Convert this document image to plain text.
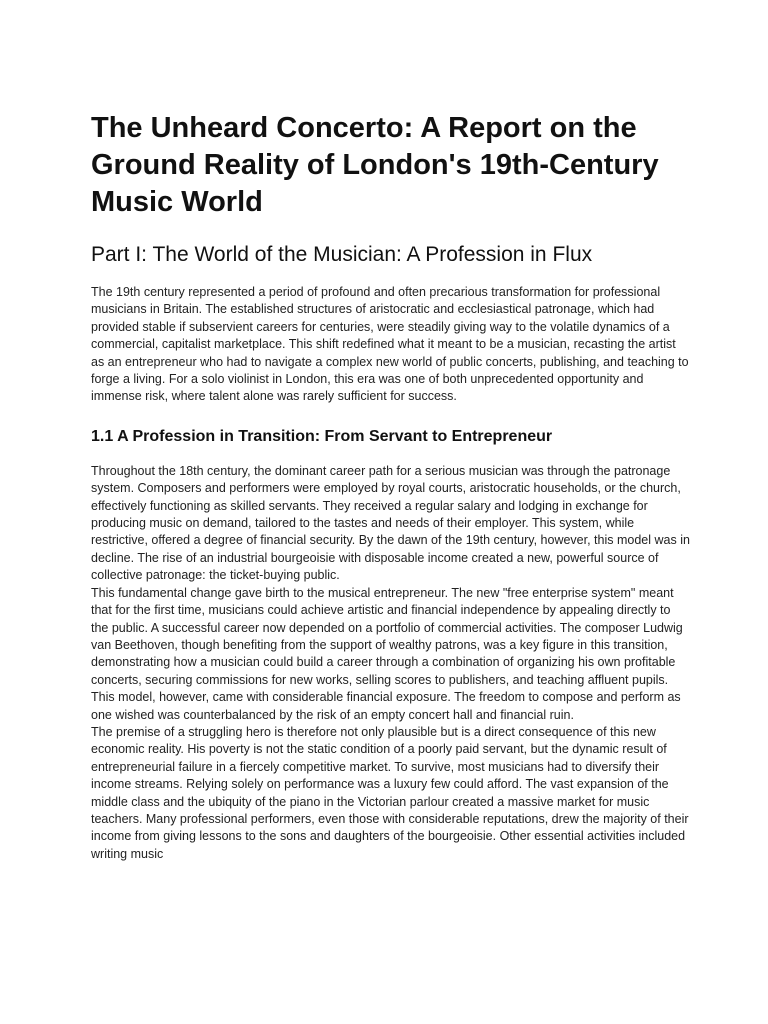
The Unheard Concerto: A Report on the Ground Reality of London's 19th-Century Music World
Part I: The World of the Musician: A Profession in Flux

The 19th century represented a period of profound and often precarious transformation for professional musicians in Britain. The established structures of aristocratic and ecclesiastical patronage, which had provided stable if subservient careers for centuries, were steadily giving way to the volatile dynamics of a commercial, capitalist marketplace. This shift redefined what it meant to be a musician, recasting the artist as an entrepreneur who had to navigate a complex new world of public concerts, publishing, and teaching to forge a living. For a solo violinist in London, this era was one of both unprecedented opportunity and immense risk, where talent alone was rarely sufficient for success.

1.1 A Profession in Transition: From Servant to Entrepreneur

Throughout the 18th century, the dominant career path for a serious musician was through the patronage system. Composers and performers were employed by royal courts, aristocratic households, or the church, effectively functioning as skilled servants. They received a regular salary and lodging in exchange for producing music on demand, tailored to the tastes and needs of their employer. This system, while restrictive, offered a degree of financial security. By the dawn of the 19th century, however, this model was in decline. The rise of an industrial bourgeoisie with disposable income created a new, powerful source of collective patronage: the ticket-buying public.

This fundamental change gave birth to the musical entrepreneur. The new "free enterprise system" meant that for the first time, musicians could achieve artistic and financial independence by appealing directly to the public. A successful career now depended on a portfolio of commercial activities. The composer Ludwig van Beethoven, though benefiting from the support of wealthy patrons, was a key figure in this transition, demonstrating how a musician could build a career through a combination of organizing his own profitable concerts, securing commissions for new works, selling scores to publishers, and teaching affluent pupils. This model, however, came with considerable financial exposure. The freedom to compose and perform as one wished was counterbalanced by the risk of an empty concert hall and financial ruin.

The premise of a struggling hero is therefore not only plausible but is a direct consequence of this new economic reality. His poverty is not the static condition of a poorly paid servant, but the dynamic result of entrepreneurial failure in a fiercely competitive market. To survive, most musicians had to diversify their income streams. Relying solely on performance was a luxury few could afford. The vast expansion of the middle class and the ubiquity of the piano in the Victorian parlour created a massive market for music teachers. Many professional performers, even those with considerable reputations, drew the majority of their income from giving lessons to the sons and daughters of the bourgeoisie. Other essential activities included writing music
